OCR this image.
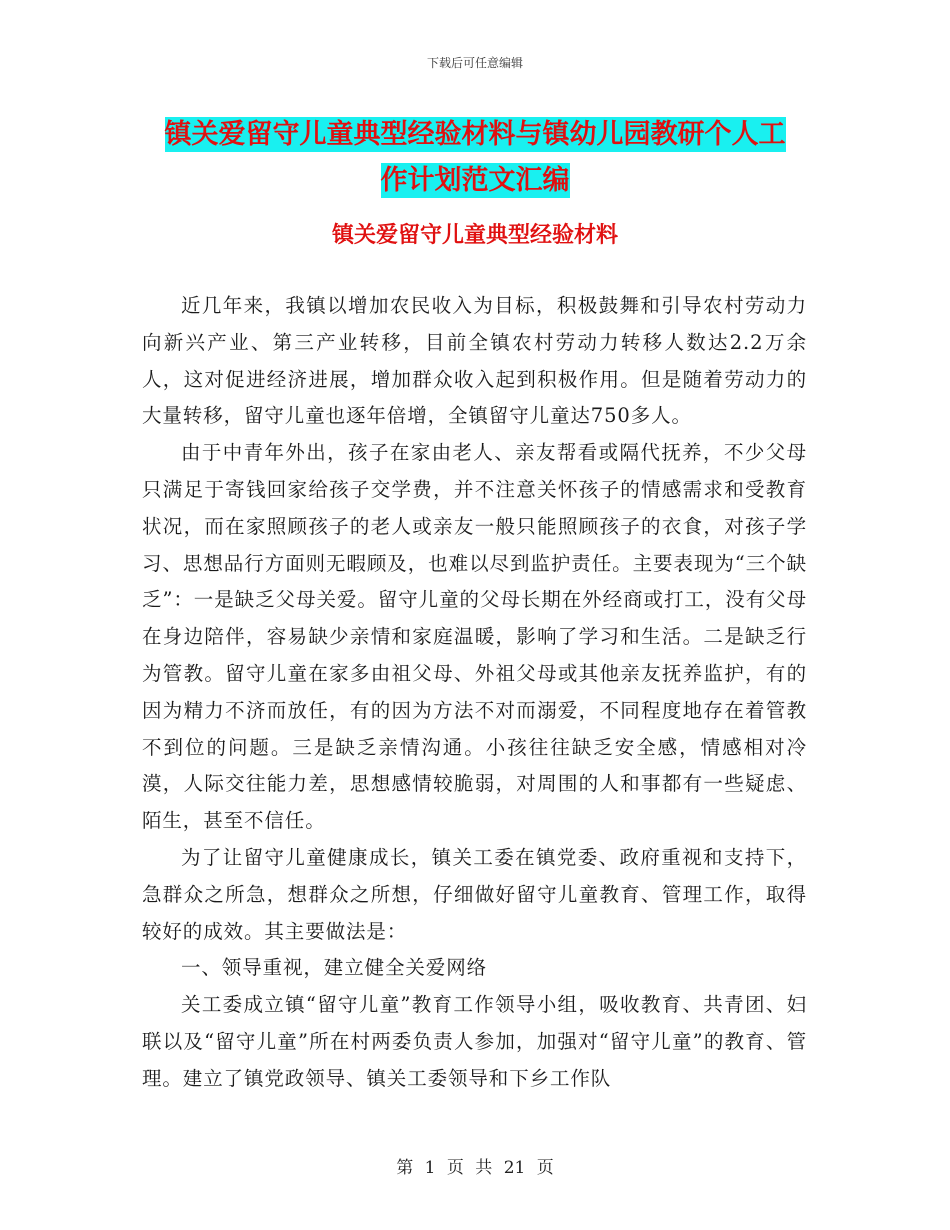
下载后可任意编辑
镇关爱留守儿童典型经验材料与镇幼儿园教研个人工
作计划范文汇编
镇关爱留守儿童典型经验材料

近几年来，我镇以增加农民收入为目标，积极鼓舞和引导农村劳动力向新兴产业、第三产业转移，目前全镇农村劳动力转移人数达2.2万余人，这对促进经济进展，增加群众收入起到积极作用。但是随着劳动力的大量转移，留守儿童也逐年倍增，全镇留守儿童达750多人。

由于中青年外出，孩子在家由老人、亲友帮看或隔代抚养，不少父母只满足于寄钱回家给孩子交学费，并不注意关怀孩子的情感需求和受教育状况，而在家照顾孩子的老人或亲友一般只能照顾孩子的衣食，对孩子学习、思想品行方面则无暇顾及，也难以尽到监护责任。主要表现为“三个缺乏”：一是缺乏父母关爱。留守儿童的父母长期在外经商或打工，没有父母在身边陪伴，容易缺少亲情和家庭温暖，影响了学习和生活。二是缺乏行为管教。留守儿童在家多由祖父母、外祖父母或其他亲友抚养监护，有的因为精力不济而放任，有的因为方法不对而溺爱，不同程度地存在着管教不到位的问题。三是缺乏亲情沟通。小孩往往缺乏安全感，情感相对冷漠，人际交往能力差，思想感情较脆弱，对周围的人和事都有一些疑虑、陌生，甚至不信任。

为了让留守儿童健康成长，镇关工委在镇党委、政府重视和支持下，急群众之所急，想群众之所想，仔细做好留守儿童教育、管理工作，取得较好的成效。其主要做法是：

一、领导重视，建立健全关爱网络

关工委成立镇“留守儿童”教育工作领导小组，吸收教育、共青团、妇联以及“留守儿童”所在村两委负责人参加，加强对“留守儿童”的教育、管理。建立了镇党政领导、镇关工委领导和下乡工作队

第 1 页 共 21 页
